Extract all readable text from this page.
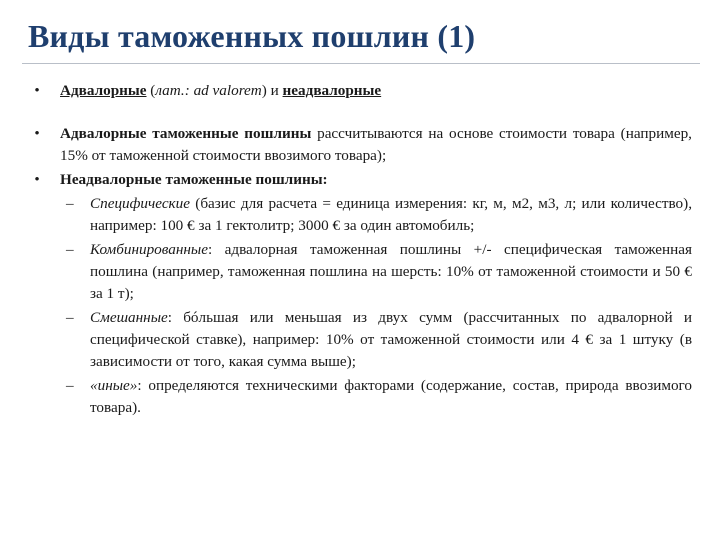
Виды таможенных пошлин (1)
• Адвалорные (лат.: ad valorem) и неадвалорные
• Адвалорные таможенные пошлины рассчитываются на основе стоимости товара (например, 15% от таможенной стоимости ввозимого товара);
• Неадвалорные таможенные пошлины:
– Специфические (базис для расчета = единица измерения: кг, м, м2, м3, л; или количество), например: 100 € за 1 гектолитр; 3000 € за один автомобиль;
– Комбинированные: адвалорная таможенная пошлины +/- специфическая таможенная пошлина (например, таможенная пошлина на шерсть: 10% от таможенной стоимости и 50 € за 1 т);
– Смешанные: бóльшая или меньшая из двух сумм (рассчитанных по адвалорной и специфической ставке), например: 10% от таможенной стоимости или 4 € за 1 штуку (в зависимости от того, какая сумма выше);
– «иные»: определяются техническими факторами (содержание, состав, природа ввозимого товара).
